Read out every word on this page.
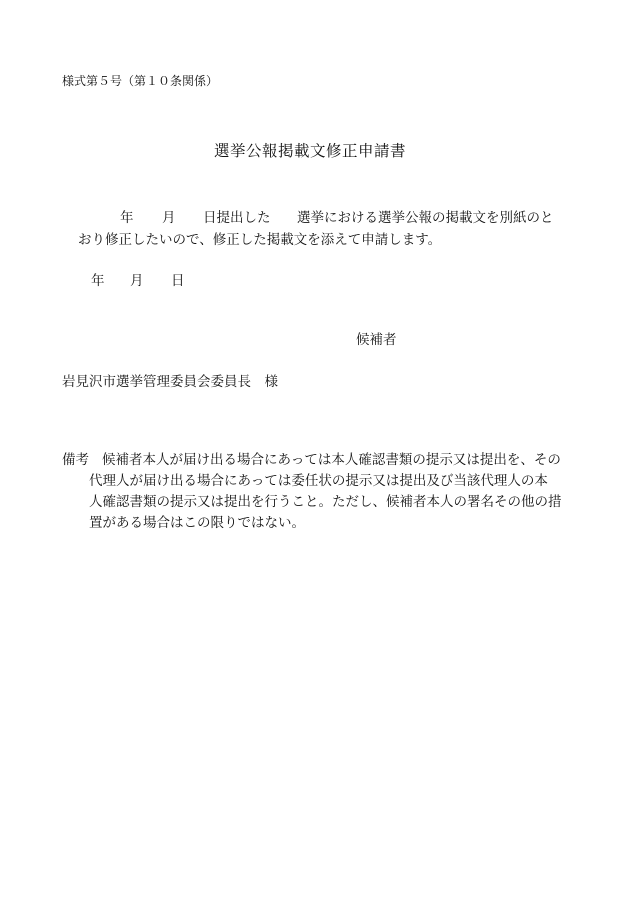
様式第５号（第１０条関係）
選挙公報掲載文修正申請書
年 月 日提出した 選挙における選挙公報の掲載文を別紙のと
おり修正したいので、修正した掲載文を添えて申請します。
年 月 日
候補者
岩見沢市選挙管理委員会委員長　様
備考 候補者本人が届け出る場合にあっては本人確認書類の提示又は提出を、その
代理人が届け出る場合にあっては委任状の提示又は提出及び当該代理人の本
人確認書類の提示又は提出を行うこと。ただし、候補者本人の署名その他の措
置がある場合はこの限りではない。
